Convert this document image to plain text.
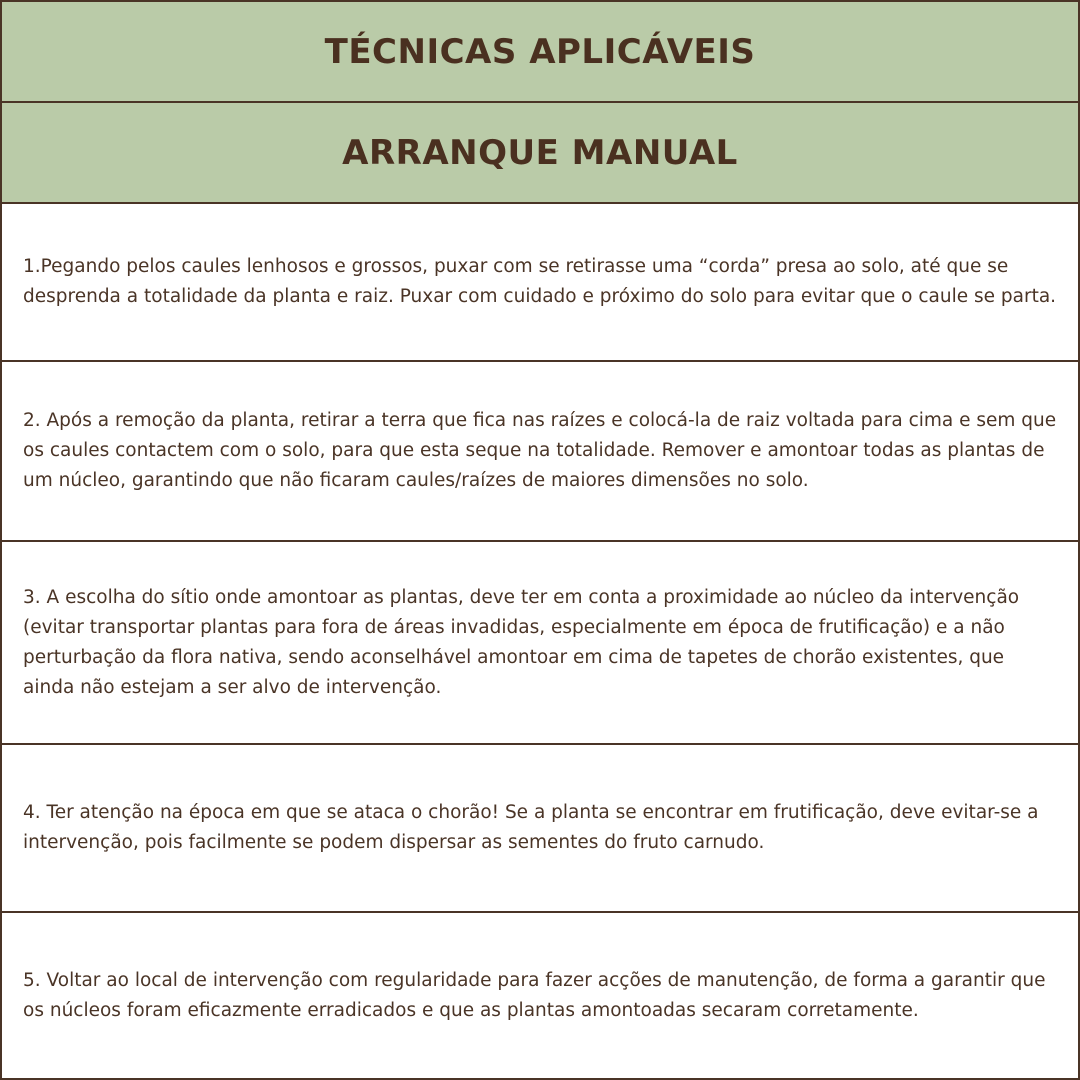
TÉCNICAS APLICÁVEIS
ARRANQUE MANUAL

1.Pegando pelos caules lenhosos e grossos, puxar com se retirasse uma “corda” presa ao solo, até que se desprenda a totalidade da planta e raiz. Puxar com cuidado e próximo do solo para evitar que o caule se parta.

2. Após a remoção da planta, retirar a terra que fica nas raízes e colocá-la de raiz voltada para cima e sem que os caules contactem com o solo, para que esta seque na totalidade. Remover e amontoar todas as plantas de um núcleo, garantindo que não ficaram caules/raízes de maiores dimensões no solo.

3. A escolha do sítio onde amontoar as plantas, deve ter em conta a proximidade ao núcleo da intervenção (evitar transportar plantas para fora de áreas invadidas, especialmente em época de frutificação) e a não perturbação da flora nativa, sendo aconselhável amontoar em cima de tapetes de chorão existentes, que ainda não estejam a ser alvo de intervenção.

4. Ter atenção na época em que se ataca o chorão! Se a planta se encontrar em frutificação, deve evitar-se a intervenção, pois facilmente se podem dispersar as sementes do fruto carnudo.

5. Voltar ao local de intervenção com regularidade para fazer acções de manutenção, de forma a garantir que os núcleos foram eficazmente erradicados e que as plantas amontoadas secaram corretamente.
